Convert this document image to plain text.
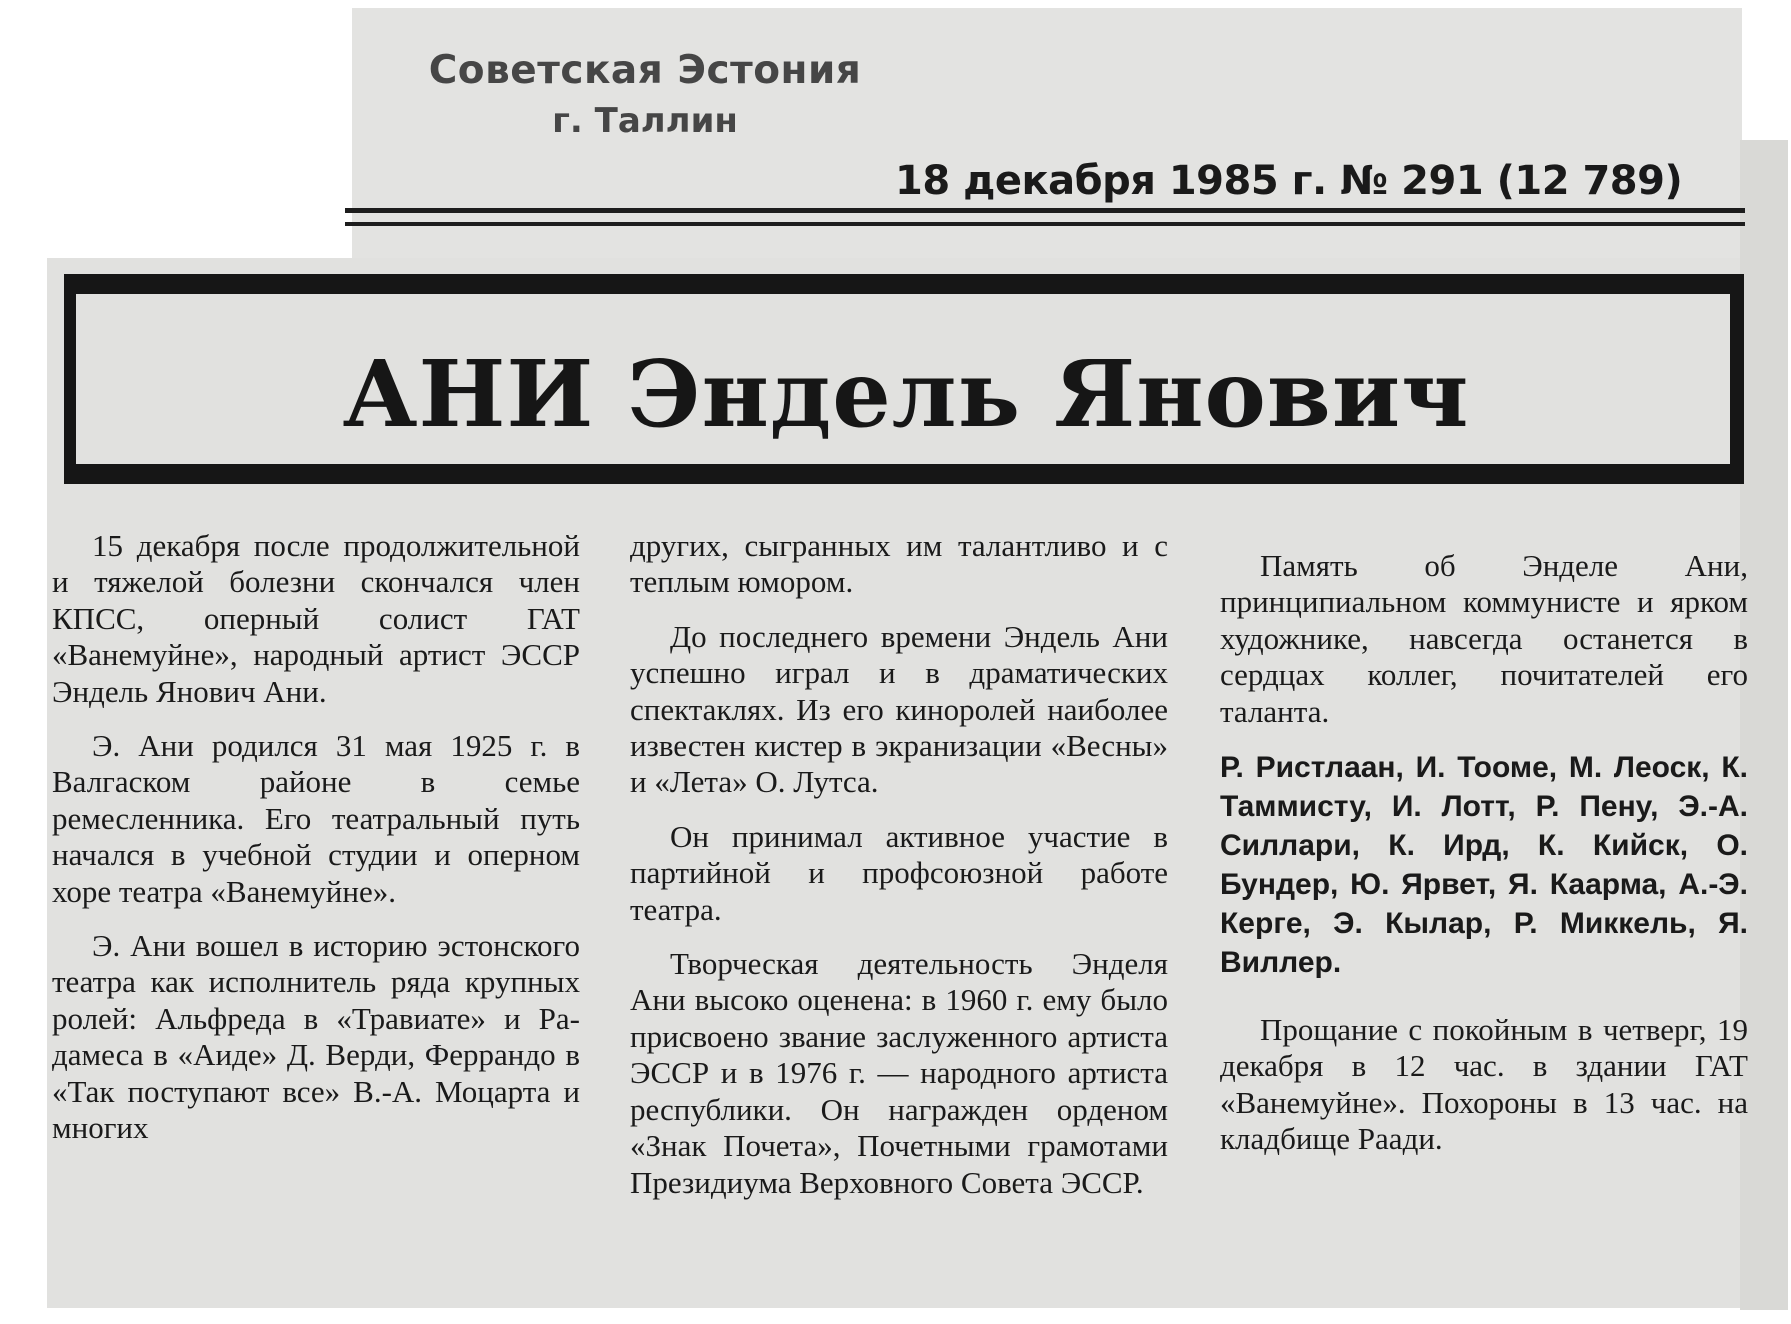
Советская Эстония
г. Таллин
18 декабря 1985 г. № 291 (12 789)
АНИ Эндель Янович

15 декабря после продолжительной и тяжелой болезни скончался член КПСС, оперный солист ГАТ «Ванемуйне», народный артист ЭССР Эндель Янович Ани.

Э. Ани родился 31 мая 1925 г. в Валгаском районе в семье ремесленника. Его театральный путь начался в учебной студии и оперном хоре театра «Ванемуйне».

Э. Ани вошел в историю эстонского театра как исполнитель ряда крупных ролей: Альфреда в «Травиате» и Радамеса в «Аиде» Д. Верди, Феррандо в «Так поступают все» В.-А. Моцарта и многих

других, сыгранных им талантливо и с теплым юмором.

До последнего времени Эндель Ани успешно играл и в драматических спектаклях. Из его киноролей наиболее известен кистер в экранизации «Весны» и «Лета» О. Лутса.

Он принимал активное участие в партийной и профсоюзной работе театра.

Творческая деятельность Энделя Ани высоко оценена: в 1960 г. ему было присвоено звание заслуженного артиста ЭССР и в 1976 г. — народного артиста республики. Он награжден орденом «Знак Почета», Почетными грамотами Президиума Верховного Совета ЭССР.

Память об Энделе Ани, принципиальном коммунисте и ярком художнике, навсегда останется в сердцах коллег, почитателей его таланта.

Р. Ристлаан, И. Тооме, М. Леоск, К. Таммисту, И. Лотт, Р. Пену, Э.-А. Силлари, К. Ирд, К. Кийск, О. Бундер, Ю. Ярвет, Я. Каарма, А.-Э. Керге, Э. Кылар, Р. Миккель, Я. Виллер.

Прощание с покойным в четверг, 19 декабря в 12 час. в здании ГАТ «Ванемуйне». Похороны в 13 час. на кладбище Раади.
